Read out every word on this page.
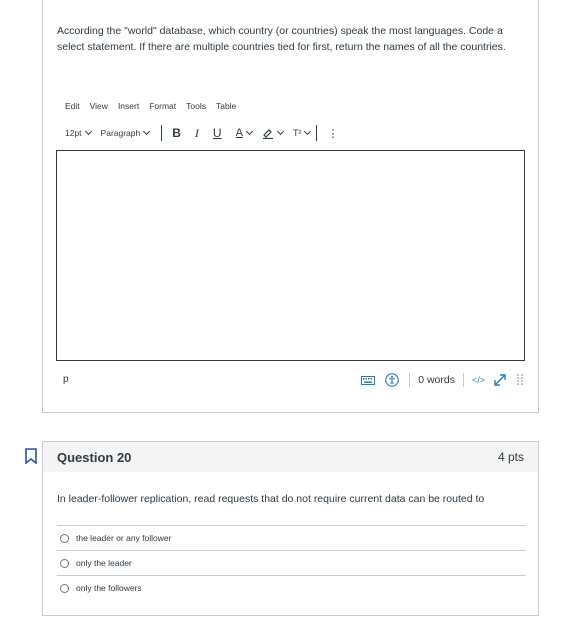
According the "world" database, which country (or countries) speak the most languages. Code a select statement. If there are multiple countries tied for first, return the names of all the countries.
Edit View Insert Format Tools Table
12pt Paragraph	B I U A	T² ⋮
p	0 words </>
Question 20	4 pts
In leader-follower replication, read requests that do not require current data can be routed to
the leader or any follower
only the leader
only the followers
